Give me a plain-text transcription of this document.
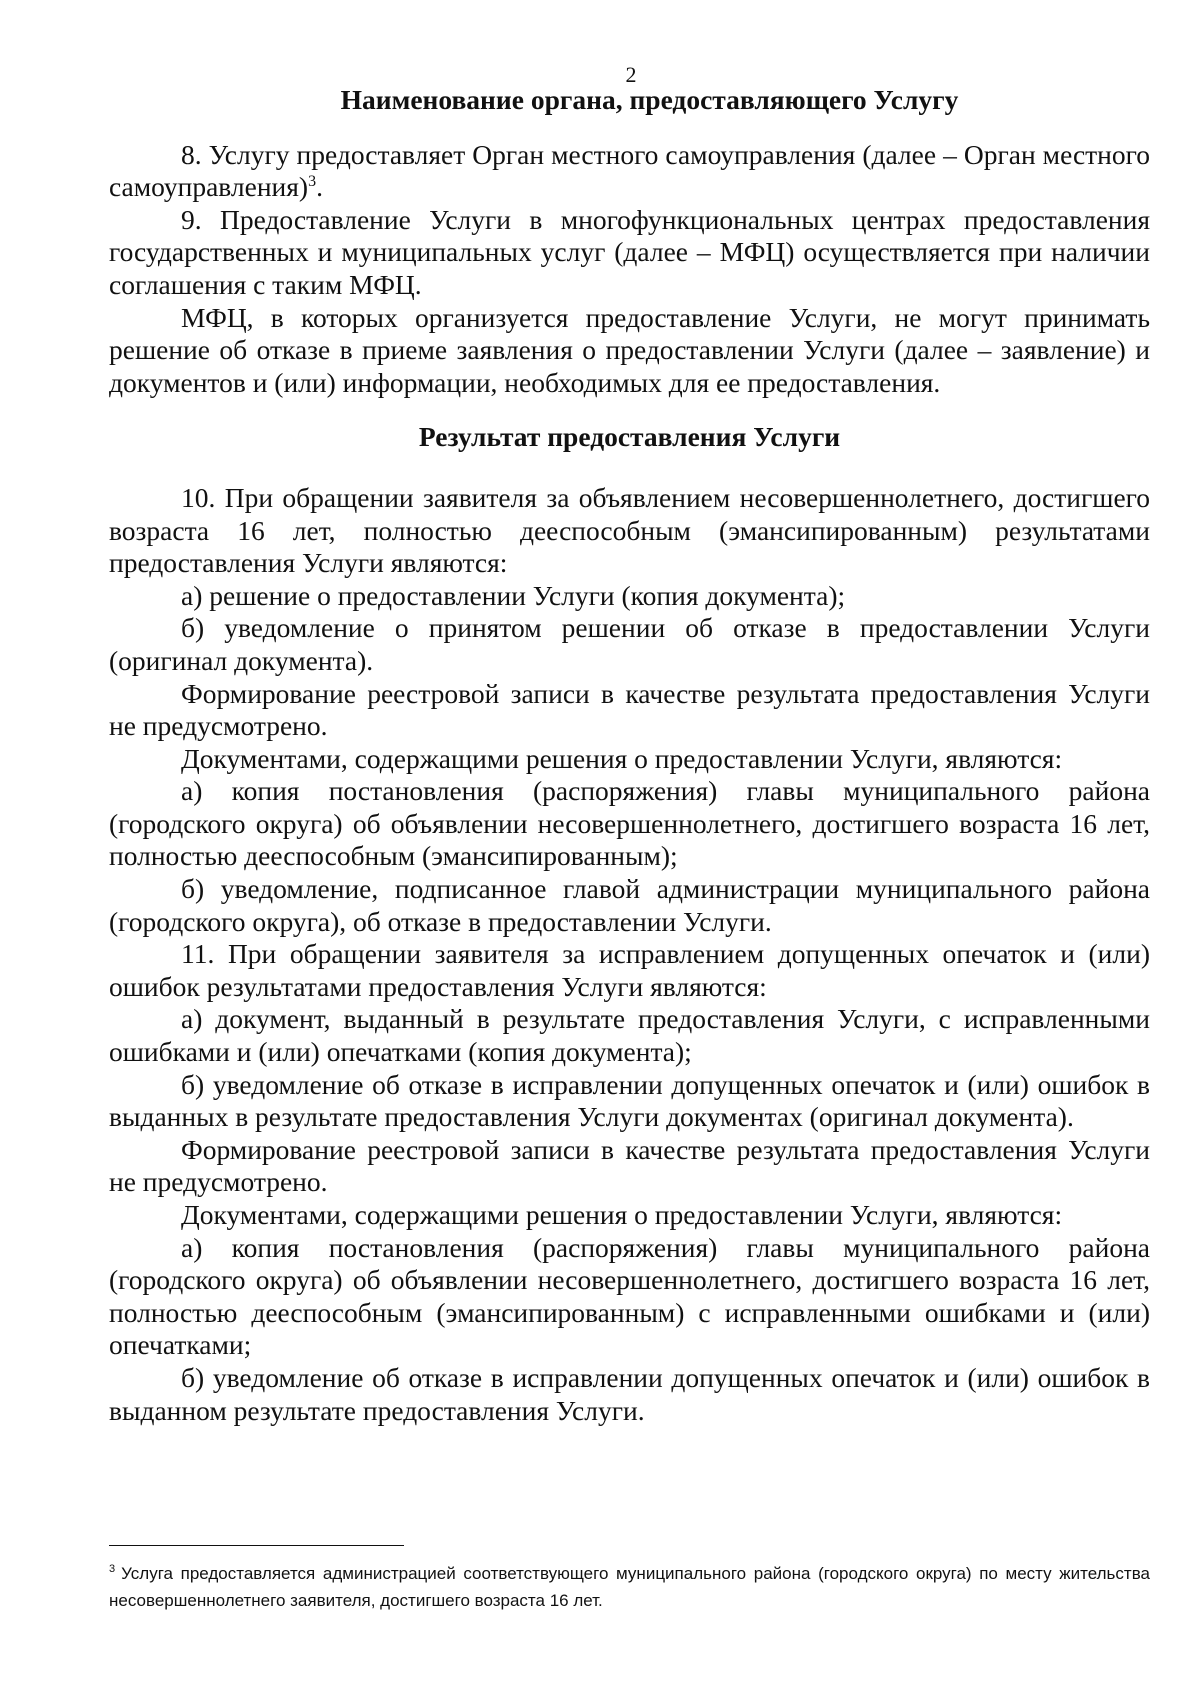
2

Наименование органа, предоставляющего Услугу

8. Услугу предоставляет Орган местного самоуправления (далее – Орган местного самоуправления)$^3$.

9. Предоставление Услуги в многофункциональных центрах предоставления государственных и муниципальных услуг (далее – МФЦ) осуществляется при наличии соглашения с таким МФЦ.

МФЦ, в которых организуется предоставление Услуги, не могут принимать решение об отказе в приеме заявления о предоставлении Услуги (далее – заявление) и документов и (или) информации, необходимых для ее предоставления.

Результат предоставления Услуги

10. При обращении заявителя за объявлением несовершеннолетнего, достигшего возраста 16 лет, полностью дееспособным (эмансипированным) результатами предоставления Услуги являются:

а) решение о предоставлении Услуги (копия документа);

б) уведомление о принятом решении об отказе в предоставлении Услуги (оригинал документа).

Формирование реестровой записи в качестве результата предоставления Услуги не предусмотрено.

Документами, содержащими решения о предоставлении Услуги, являются:

а) копия постановления (распоряжения) главы муниципального района (городского округа) об объявлении несовершеннолетнего, достигшего возраста 16 лет, полностью дееспособным (эмансипированным);

б) уведомление, подписанное главой администрации муниципального района (городского округа), об отказе в предоставлении Услуги.

11. При обращении заявителя за исправлением допущенных опечаток и (или) ошибок результатами предоставления Услуги являются:

а) документ, выданный в результате предоставления Услуги, с исправленными ошибками и (или) опечатками (копия документа);

б) уведомление об отказе в исправлении допущенных опечаток и (или) ошибок в выданных в результате предоставления Услуги документах (оригинал документа).

Формирование реестровой записи в качестве результата предоставления Услуги не предусмотрено.

Документами, содержащими решения о предоставлении Услуги, являются:

а) копия постановления (распоряжения) главы муниципального района (городского округа) об объявлении несовершеннолетнего, достигшего возраста 16 лет, полностью дееспособным (эмансипированным) с исправленными ошибками и (или) опечатками;

б) уведомление об отказе в исправлении допущенных опечаток и (или) ошибок в выданном результате предоставления Услуги.

$^3$ Услуга предоставляется администрацией соответствующего муниципального района (городского округа) по месту жительства несовершеннолетнего заявителя, достигшего возраста 16 лет.
